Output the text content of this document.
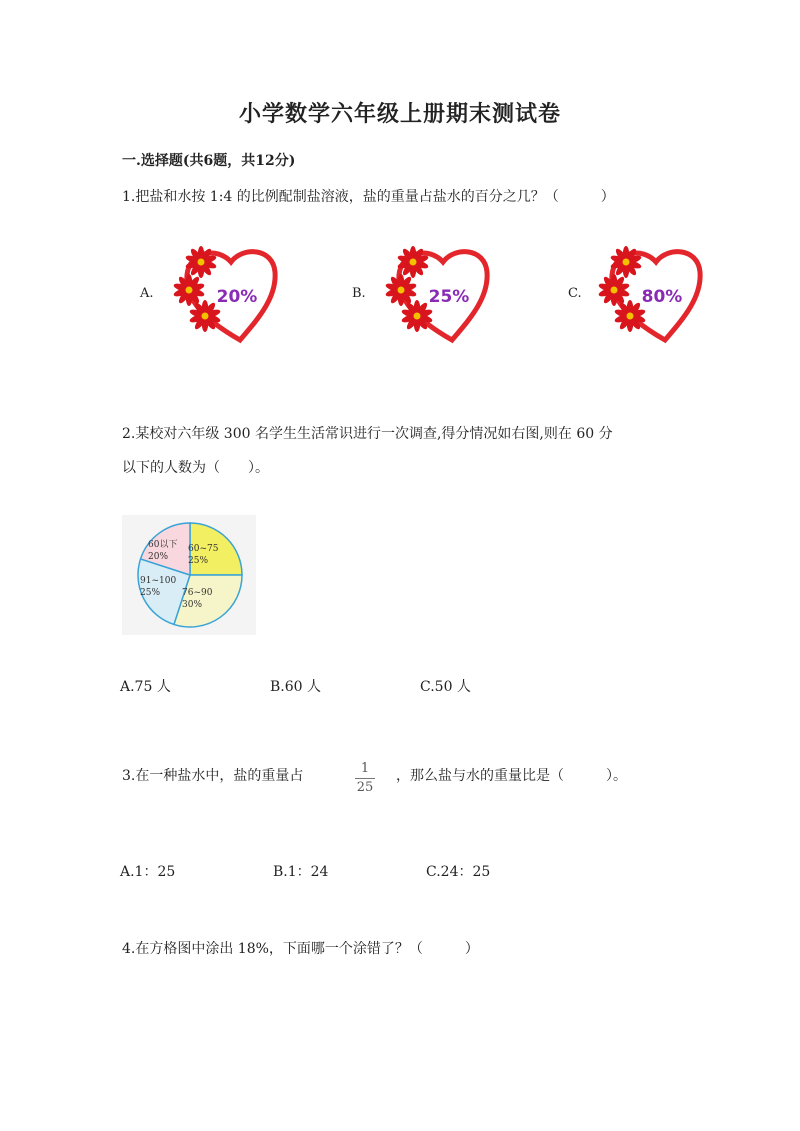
小学数学六年级上册期末测试卷
一.选择题(共6题，共12分)
1.把盐和水按 1:4 的比例配制盐溶液，盐的重量占盐水的百分之几？（　　　）
A.	20%	B.	25%	C.	80%
2.某校对六年级 300 名学生生活常识进行一次调查,得分情况如右图,则在 60 分
以下的人数为（　　）。
60以下
20%
60~75
25%
76~90
30%
91~100
25%
A.75 人	B.60 人	C.50 人
3.在一种盐水中，盐的重量占	1
25
，那么盐与水的重量比是（　　　）。
A.1：25	B.1：24	C.24：25
4.在方格图中涂出 18%，下面哪一个涂错了？（　　　）
